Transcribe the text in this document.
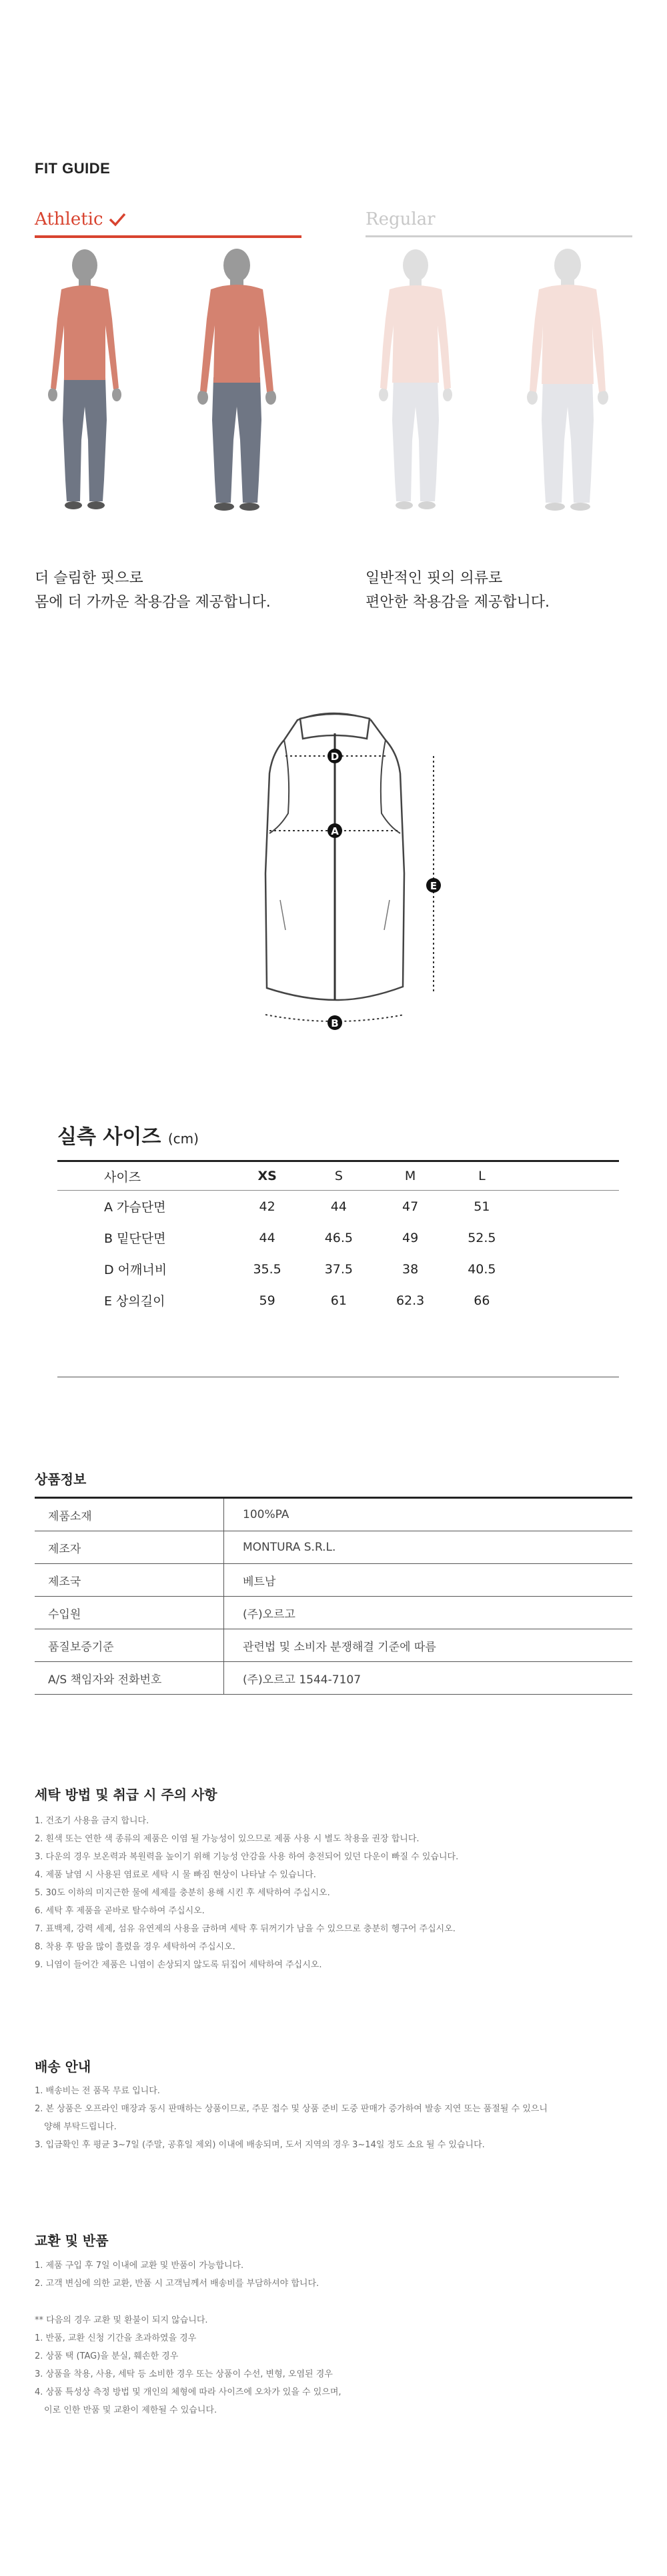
FIT GUIDE
Athletic	Regular
더 슬림한 핏으로
몸에 더 가까운 착용감을 제공합니다.
일반적인 핏의 의류로
편안한 착용감을 제공합니다.
D
A
E
B
실측 사이즈 (cm)
사이즈	XS	S	M	L	
A 가슴단면	42	44	47	51	
B 밑단단면	44	46.5	49	52.5	
D 어깨너비	35.5	37.5	38	40.5	
E 상의길이	59	61	62.3	66	
상품정보
제품소재	100%PA
제조자	MONTURA S.R.L.
제조국	베트남
수입원	(주)오르고
품질보증기준	관련법 및 소비자 분쟁해결 기준에 따름
A/S 책임자와 전화번호	(주)오르고 1544-7107
세탁 방법 및 취급 시 주의 사항
1. 건조기 사용을 금지 합니다.
2. 흰색 또는 연한 색 종류의 제품은 이염 될 가능성이 있으므로 제품 사용 시 별도 착용을 권장 합니다.
3. 다운의 경우 보온력과 복원력을 높이기 위해 기능성 안감을 사용 하여 충전되어 있던 다운이 빠질 수 있습니다.
4. 제품 날염 시 사용된 염료로 세탁 시 물 빠짐 현상이 나타날 수 있습니다.
5. 30도 이하의 미지근한 물에 세제를 충분히 용해 시킨 후 세탁하여 주십시오.
6. 세탁 후 제품을 곧바로 탈수하여 주십시오.
7. 표백제, 강력 세제, 섬유 유연제의 사용을 금하며 세탁 후 뒤꺼기가 남을 수 있으므로 충분히 헹구어 주십시오.
8. 착용 후 땀을 많이 흘렸을 경우 세탁하여 주십시오.
9. 니염이 들어간 제품은 니염이 손상되지 않도록 뒤집어 세탁하여 주십시오.
배송 안내
1. 배송비는 전 품목 무료 입니다.
2. 본 상품은 오프라인 매장과 동시 판매하는 상품이므로, 주문 접수 및 상품 준비 도중 판매가 증가하여 발송 지연 또는 품절될 수 있으니
양해 부탁드립니다.
3. 입금확인 후 평균 3~7일 (주말, 공휴일 제외) 이내에 배송되며, 도서 지역의 경우 3~14일 정도 소요 될 수 있습니다.
교환 및 반품
1. 제품 구입 후 7일 이내에 교환 및 반품이 가능합니다.
2. 고객 변심에 의한 교환, 반품 시 고객님께서 배송비를 부담하셔야 합니다.
** 다음의 경우 교환 및 환불이 되지 않습니다.
1. 반품, 교환 신청 기간을 초과하였을 경우
2. 상품 택 (TAG)을 분실, 훼손한 경우
3. 상품을 착용, 사용, 세탁 등 소비한 경우 또는 상품이 수선, 변형, 오염된 경우
4. 상품 특성상 측정 방법 및 개인의 체형에 따라 사이즈에 오차가 있을 수 있으며,
이로 인한 반품 및 교환이 제한될 수 있습니다.
